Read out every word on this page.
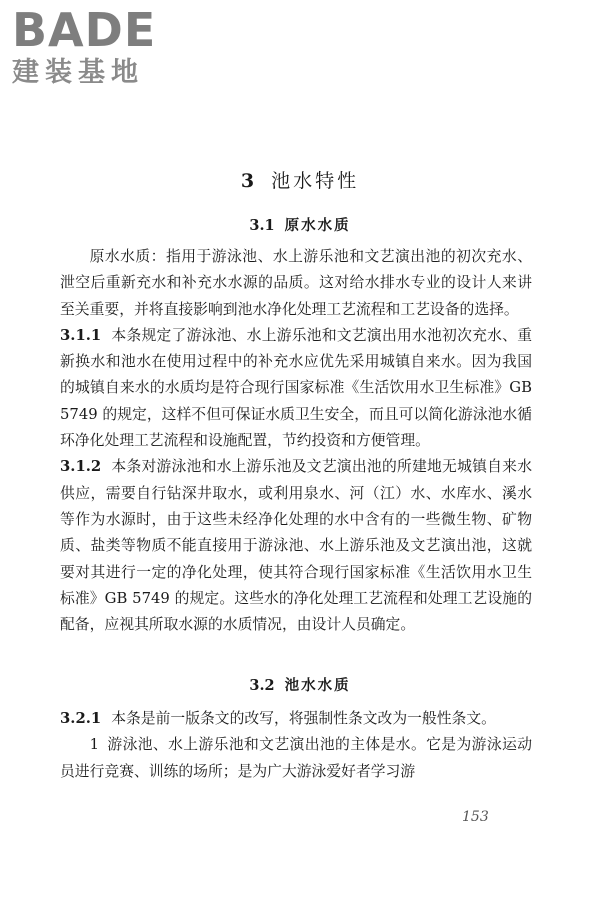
BADE
建装基地
3 池水特性
3.1 原水水质

原水水质：指用于游泳池、水上游乐池和文艺演出池的初次充水、泄空后重新充水和补充水水源的品质。这对给水排水专业的设计人来讲至关重要，并将直接影响到池水净化处理工艺流程和工艺设备的选择。

3.1.1 本条规定了游泳池、水上游乐池和文艺演出用水池初次充水、重新换水和池水在使用过程中的补充水应优先采用城镇自来水。因为我国的城镇自来水的水质均是符合现行国家标准《生活饮用水卫生标准》GB 5749 的规定，这样不但可保证水质卫生安全，而且可以简化游泳池水循环净化处理工艺流程和设施配置，节约投资和方便管理。

3.1.2 本条对游泳池和水上游乐池及文艺演出池的所建地无城镇自来水供应，需要自行钻深井取水，或利用泉水、河（江）水、水库水、溪水等作为水源时，由于这些未经净化处理的水中含有的一些微生物、矿物质、盐类等物质不能直接用于游泳池、水上游乐池及文艺演出池，这就要对其进行一定的净化处理，使其符合现行国家标准《生活饮用水卫生标准》GB 5749 的规定。这些水的净化处理工艺流程和处理工艺设施的配备，应视其所取水源的水质情况，由设计人员确定。

3.2 池水水质

3.2.1 本条是前一版条文的改写，将强制性条文改为一般性条文。

1 游泳池、水上游乐池和文艺演出池的主体是水。它是为游泳运动员进行竞赛、训练的场所；是为广大游泳爱好者学习游

153
